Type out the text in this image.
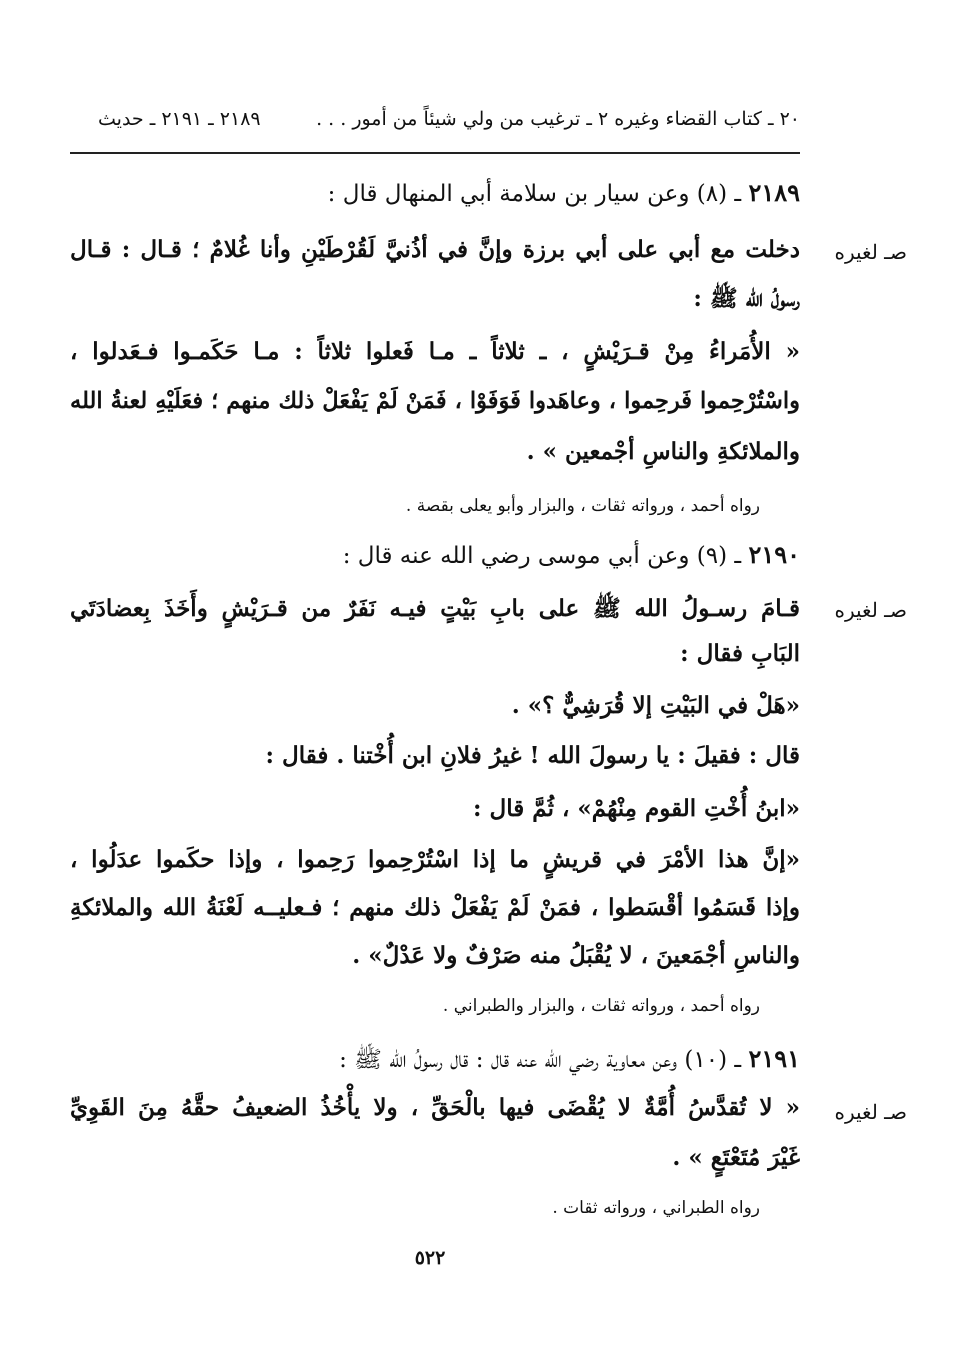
٢٠ ـ كتاب القضاء وغيره ٢ ـ ترغيب من ولي شيئاً من أمور . . .
٢١٨٩ ـ ٢١٩١ ـ حديث
٢١٨٩ ـ (٨) وعن سيار بن سلامة أبي المنهال قال :
صـ لغيره
دخلت مع أبي على أبي برزة وإنَّ في أذُنيَّ لَقُرْطَيْنِ وأنا غُلامٌ ؛ قـال : قـال
رسولُ الله ﷺ :
« الأُمَراءُ مِنْ قـرَيْشٍ ، ـ ثلاثاً ـ مـا فَعلوا ثلاثاً : مـا حَكَمـوا فـعَدلوا ،
واسْتُرْحِموا فَرحِموا ، وعاهَدوا فَوَفَوْا ، فَمَنْ لَمْ يَفْعَلْ ذلك منهم ؛ فعَلَيْهِ لعنةُ الله
والملائكةِ والناسِ أجْمعين » .
رواه أحمد ، ورواته ثقات ، والبزار وأبو يعلى بقصة .
٢١٩٠ ـ (٩) وعن أبي موسى رضي الله عنه قال :
صـ لغيره
قـامَ رسـولُ الله ﷺ على بابِ بَيْتٍ فيـه نَفَرٌ من قـرَيْشٍ وأَخَذَ بِعضادَتَي
البَابِ فقال :
«هَلْ في البَيْتِ إلا قُرَشِيٌّ ؟» .
قال : فقيلَ : يا رسولَ الله ! غيرُ فلانِ ابن أُخْتنا . فقال :
«ابنُ أُخْتِ القوم مِنْهُمْ» ، ثُمَّ قال :
«إنَّ هذا الأمْرَ في قريشٍ ما إذا اسْتُرْحِموا رَحِموا ، وإذا حكَموا عدَلُوا ،
وإذا قَسَمُوا أقْسَطوا ، فمَنْ لَمْ يَفْعَلْ ذلك منهم ؛ فـعليــه لَعْنَةُ الله والملائكةِ
والناسِ أجْمَعينَ ، لا يُقْبَلُ منه صَرْفٌ ولا عَدْلٌ» .
رواه أحمد ، ورواته ثقات ، والبزار والطبراني .
٢١٩١ ـ (١٠) وعن معاوية رضي الله عنه قال : قال رسولُ الله ﷺ :
صـ لغيره
« لا تُقدَّسُ أُمَّةٌ لا يُقْضَى فيها بالْحَقِّ ، ولا يأْخُذُ الضعيفُ حقَّهُ مِنَ القَوِيِّ
غَيْرَ مُتَعْتَعٍ » .
رواه الطبراني ، ورواته ثقات .
٥٢٢
